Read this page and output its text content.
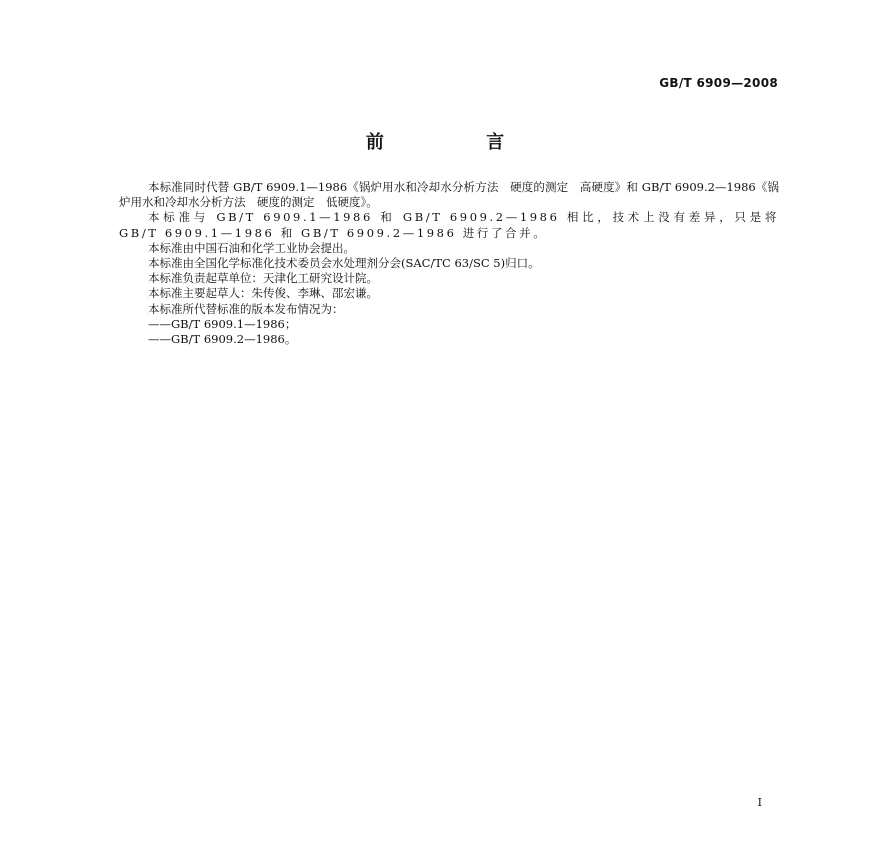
GB/T 6909—2008
前 言

本标准同时代替 GB/T 6909.1—1986《锅炉用水和冷却水分析方法　硬度的测定　高硬度》和 GB/T 6909.2—1986《锅炉用水和冷却水分析方法　硬度的测定　低硬度》。

本标准与 GB/T 6909.1—1986 和 GB/T 6909.2—1986 相比，技术上没有差异，只是将 GB/T 6909.1—1986 和 GB/T 6909.2—1986 进行了合并。

本标准由中国石油和化学工业协会提出。

本标准由全国化学标准化技术委员会水处理剂分会(SAC/TC 63/SC 5)归口。

本标准负责起草单位：天津化工研究设计院。

本标准主要起草人：朱传俊、李琳、邵宏谦。

本标准所代替标准的版本发布情况为：

——GB/T 6909.1—1986；
——GB/T 6909.2—1986。
I
